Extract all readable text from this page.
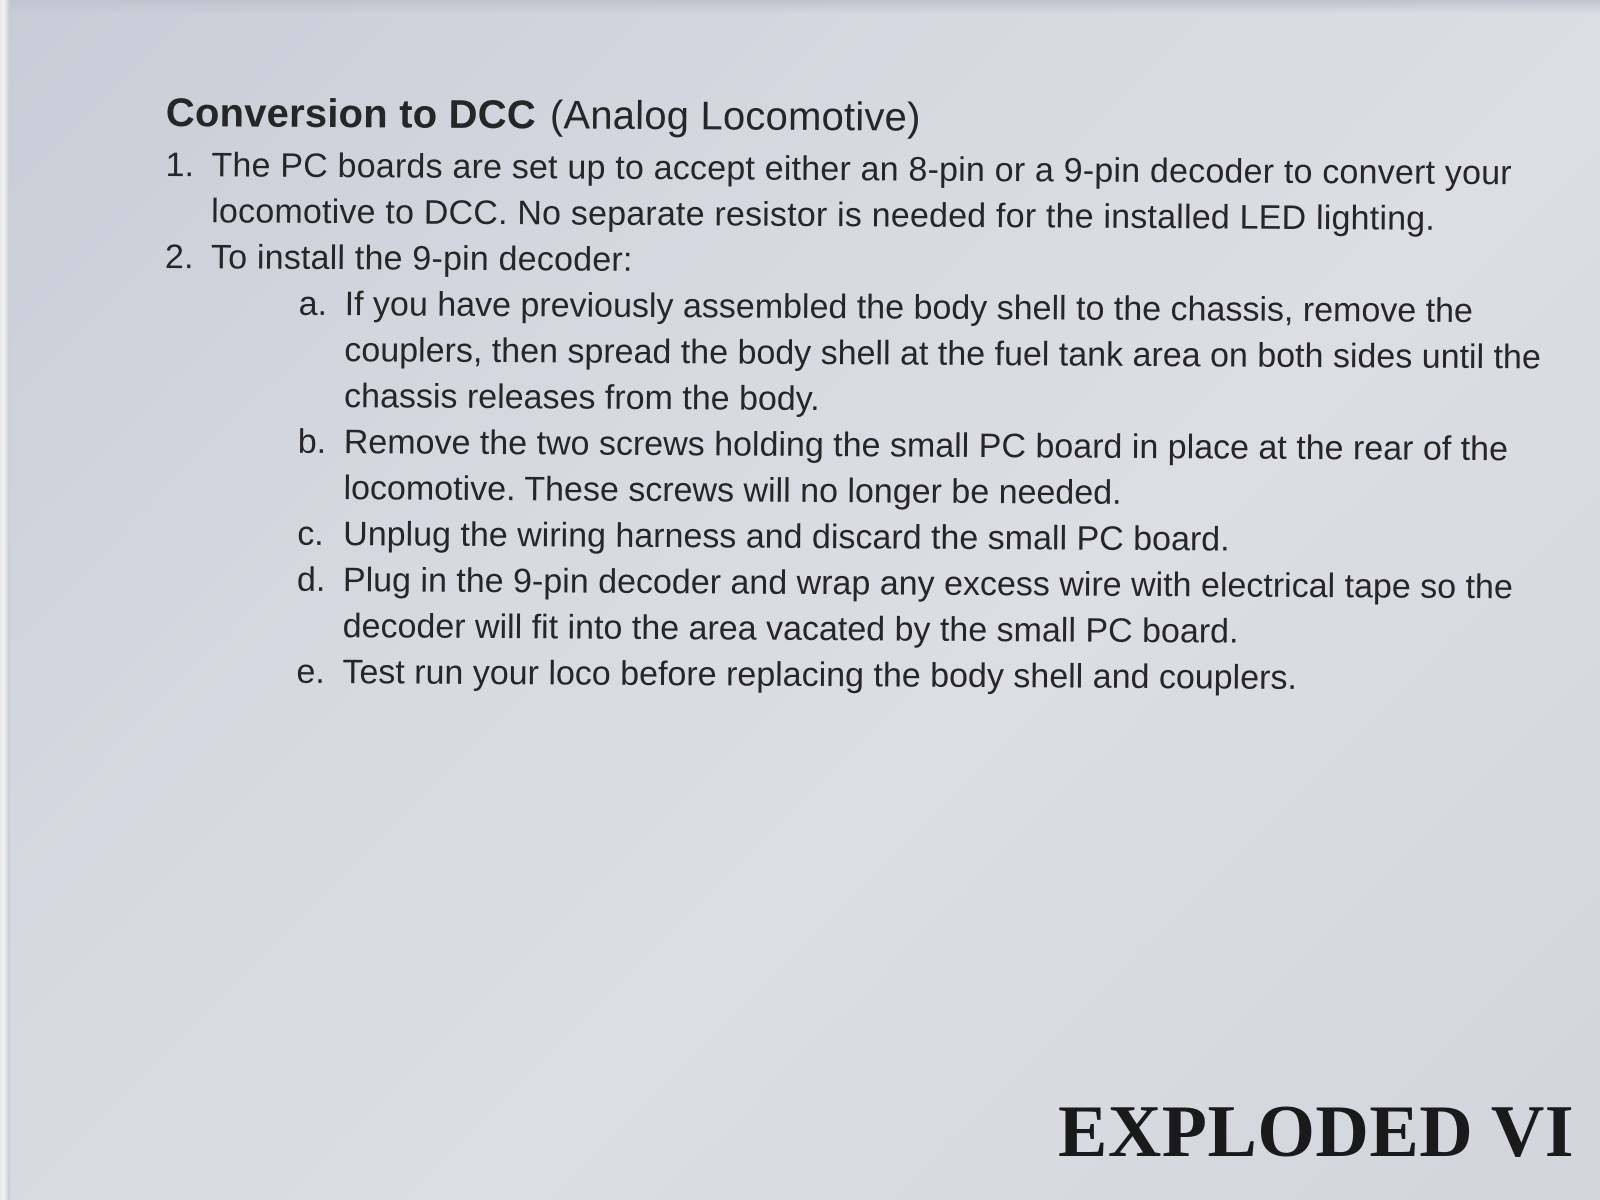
Conversion to DCC (Analog Locomotive)
1. The PC boards are set up to accept either an 8-pin or a 9-pin decoder to convert your locomotive to DCC. No separate resistor is needed for the installed LED lighting.
2. To install the 9-pin decoder:
a. If you have previously assembled the body shell to the chassis, remove the couplers, then spread the body shell at the fuel tank area on both sides until the chassis releases from the body.
b. Remove the two screws holding the small PC board in place at the rear of the locomotive. These screws will no longer be needed.
c. Unplug the wiring harness and discard the small PC board.
d. Plug in the 9-pin decoder and wrap any excess wire with electrical tape so the decoder will fit into the area vacated by the small PC board.
e. Test run your loco before replacing the body shell and couplers.
EXPLODED VI
